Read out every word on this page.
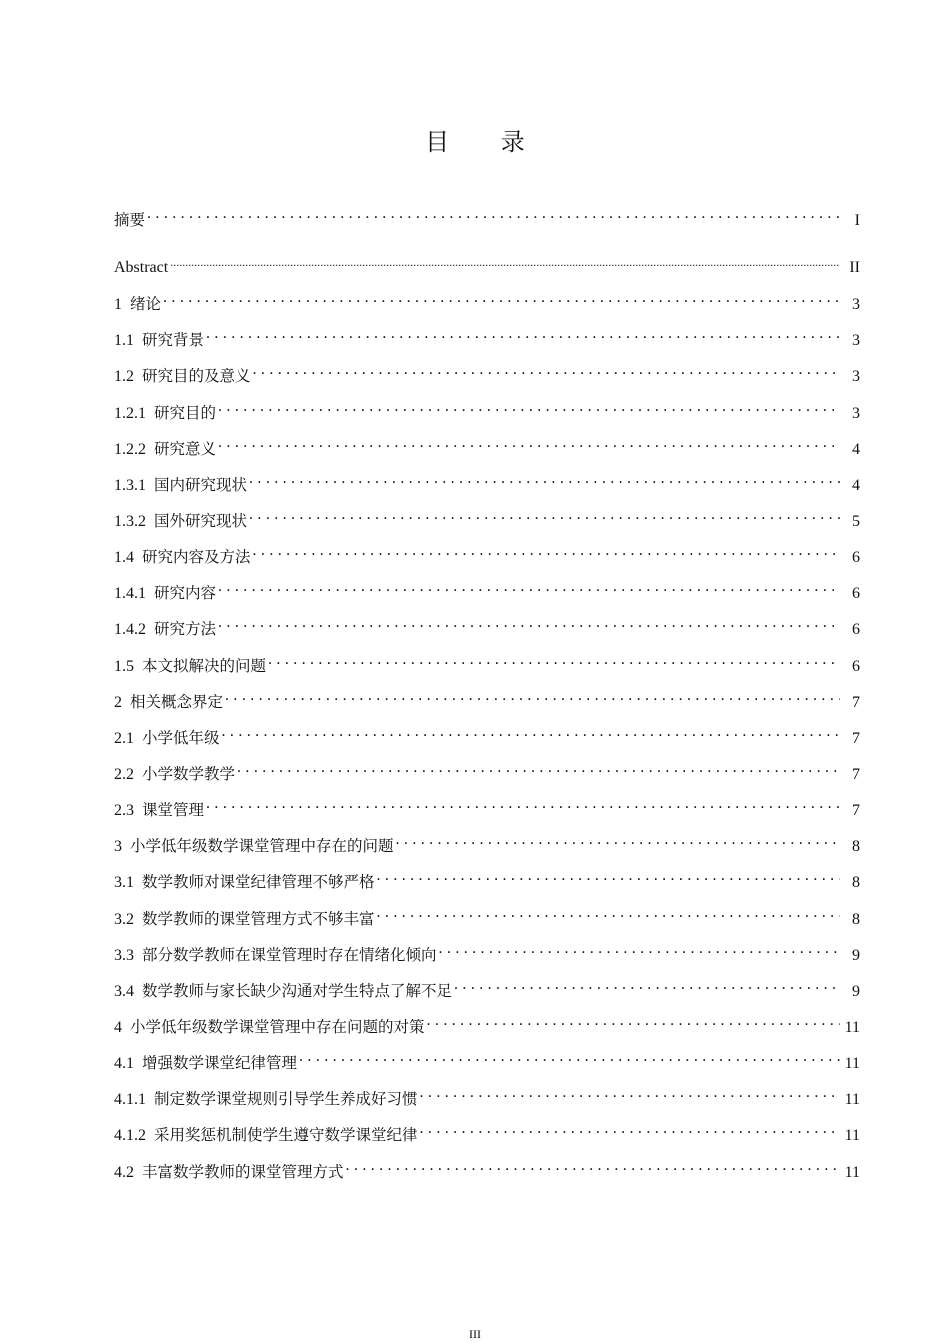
目 录
摘要 . . .	I
Abstract .....	II
1 绪论 . . .	3
1.1 研究背景 . . .	3
1.2 研究目的及意义 . . .	3
1.2.1 研究目的 . . .	3
1.2.2 研究意义 . . .	4
1.3.1 国内研究现状 . . .	4
1.3.2 国外研究现状 . . .	5
1.4 研究内容及方法 . . .	6
1.4.1 研究内容 . . .	6
1.4.2 研究方法 . . .	6
1.5 本文拟解决的问题 . . .	6
2 相关概念界定 . . .	7
2.1 小学低年级 . . .	7
2.2 小学数学教学 . . .	7
2.3 课堂管理 . . .	7
3 小学低年级数学课堂管理中存在的问题 . . .	8
3.1 数学教师对课堂纪律管理不够严格 . . .	8
3.2 数学教师的课堂管理方式不够丰富 . . .	8
3.3 部分数学教师在课堂管理时存在情绪化倾向 . . .	9
3.4 数学教师与家长缺少沟通对学生特点了解不足 . . .	9
4 小学低年级数学课堂管理中存在问题的对策 . . .	11
4.1 增强数学课堂纪律管理 . . .	11
4.1.1 制定数学课堂规则引导学生养成好习惯 . . .	11
4.1.2 采用奖惩机制使学生遵守数学课堂纪律 . . .	11
4.2 丰富数学教师的课堂管理方式 . . .	11
III
